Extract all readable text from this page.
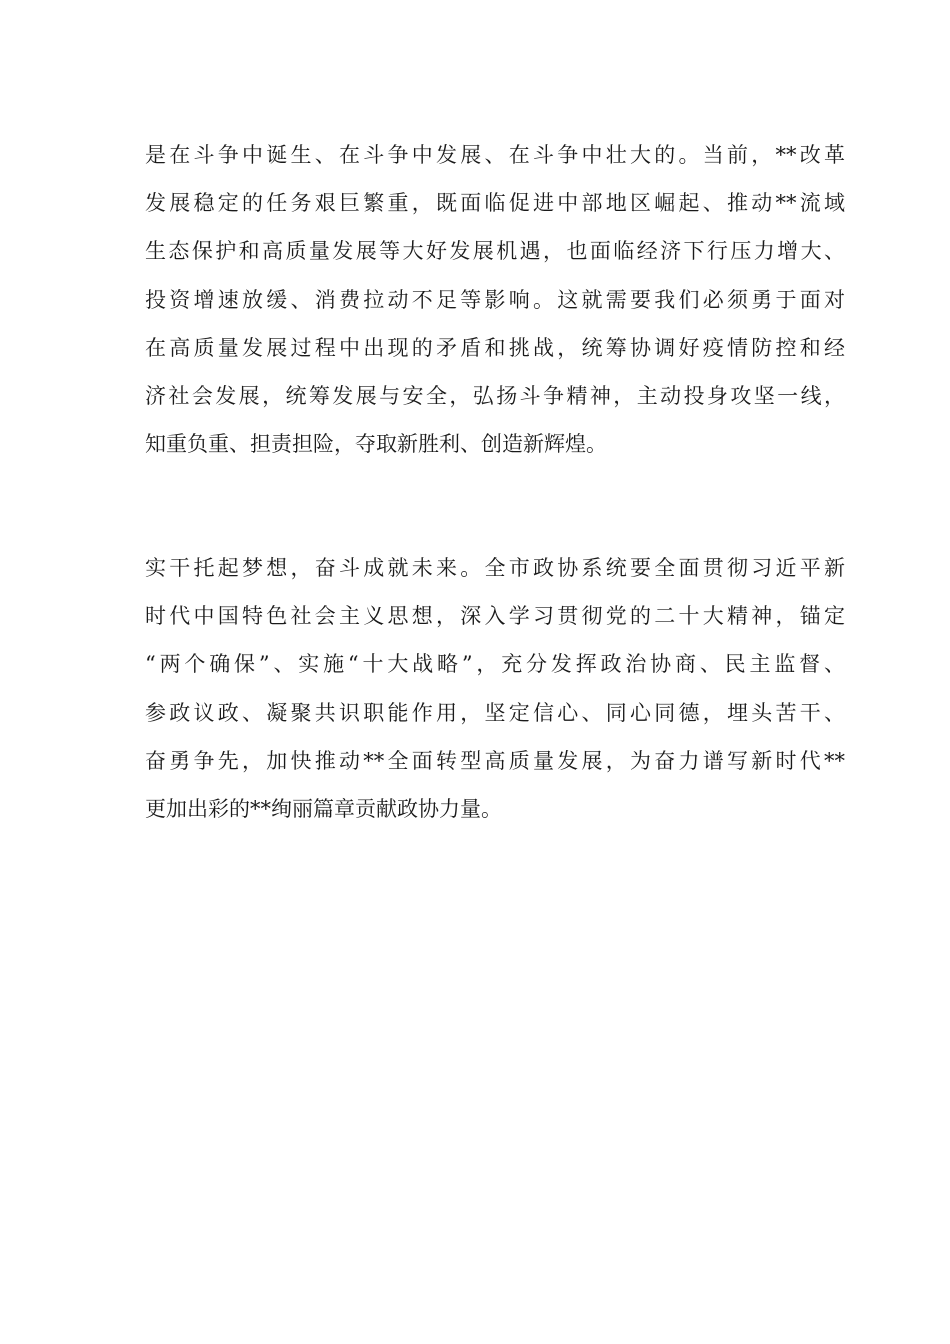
是在斗争中诞生、在斗争中发展、在斗争中壮大的。当前，**改革
发展稳定的任务艰巨繁重，既面临促进中部地区崛起、推动**流域
生态保护和高质量发展等大好发展机遇，也面临经济下行压力增大、
投资增速放缓、消费拉动不足等影响。这就需要我们必须勇于面对
在高质量发展过程中出现的矛盾和挑战，统筹协调好疫情防控和经
济社会发展，统筹发展与安全，弘扬斗争精神，主动投身攻坚一线，
知重负重、担责担险，夺取新胜利、创造新辉煌。
实干托起梦想，奋斗成就未来。全市政协系统要全面贯彻习近平新
时代中国特色社会主义思想，深入学习贯彻党的二十大精神，锚定
“两个确保”、实施“十大战略”，充分发挥政治协商、民主监督、
参政议政、凝聚共识职能作用，坚定信心、同心同德，埋头苦干、
奋勇争先，加快推动**全面转型高质量发展，为奋力谱写新时代**
更加出彩的**绚丽篇章贡献政协力量。
